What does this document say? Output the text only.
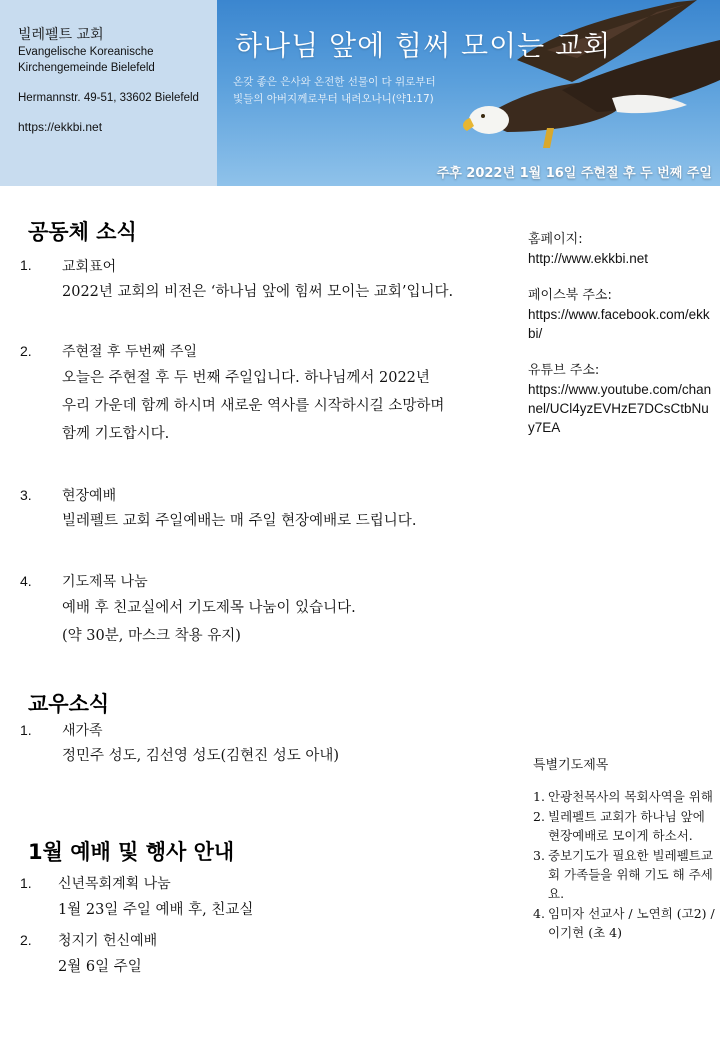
빌레펠트 교회
Evangelische Koreanische
Kirchengemeinde Bielefeld
Hermannstr. 49-51, 33602 Bielefeld
https://ekkbi.net
하나님 앞에 힘써 모이는 교회
온갖 좋은 은사와 온전한 선물이 다 위로부터
빛들의 아버지께로부터 내려오나니(약1:17)
주후 2022년 1월 16일 주현절 후 두 번째 주일
공동체 소식
1. 교회표어
2022년 교회의 비전은 ‘하나님 앞에 힘써 모이는 교회’입니다.
2. 주현절 후 두번째 주일
오늘은 주현절 후 두 번째 주일입니다. 하나님께서 2022년
우리 가운데 함께 하시며 새로운 역사를 시작하시길 소망하며
함께 기도합시다.
3. 현장예배
빌레펠트 교회 주일예배는 매 주일 현장예배로 드립니다.
4. 기도제목 나눔
예배 후 친교실에서 기도제목 나눔이 있습니다.
(약 30분, 마스크 착용 유지)
교우소식
1. 새가족
정민주 성도, 김선영 성도(김현진 성도 아내)
1월 예배 및 행사 안내
1. 신년목회계획 나눔
1월 23일 주일 예배 후, 친교실
2. 청지기 헌신예배
2월 6일 주일
홈페이지:
http://www.ekkbi.net
페이스북 주소:
https://www.facebook.com/ekkbi/
유튜브 주소:
https://www.youtube.com/channel/UCl4yzEVHzE7DCsCtbNuy7EA
특별기도제목
1. 안광천목사의 목회사역을 위해
2. 빌레펠트 교회가 하나님 앞에 현장예배로 모이게 하소서.
3. 중보기도가 필요한 빌레펠트교회 가족들을 위해 기도 해 주세요.
4. 임미자 선교사 / 노연희 (고2) / 이기현 (초 4)
